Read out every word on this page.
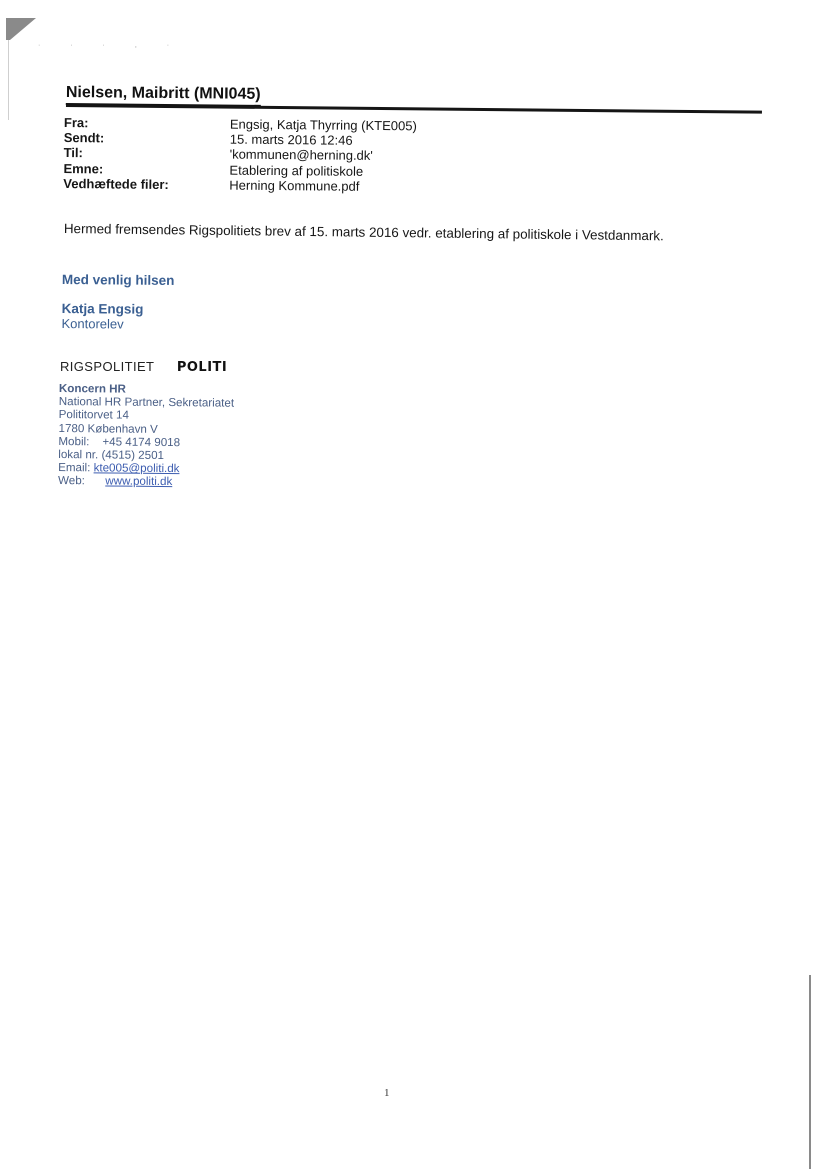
· · · , ·
Nielsen, Maibritt (MNI045)
Fra:	Engsig, Katja Thyrring (KTE005)
Sendt:	15. marts 2016 12:46
Til:	'kommunen@herning.dk'
Emne:	Etablering af politiskole
Vedhæftede filer:	Herning Kommune.pdf

Hermed fremsendes Rigspolitiets brev af 15. marts 2016 vedr. etablering af politiskole i Vestdanmark.

Med venlig hilsen

Katja Engsig

Kontorelev

RIGSPOLITIET POLITI
Koncern HR
National HR Partner, Sekretariatet
Polititorvet 14
1780 København V
Mobil: +45 4174 9018
lokal nr. (4515) 2501
Email: kte005@politi.dk
Web: www.politi.dk
1
